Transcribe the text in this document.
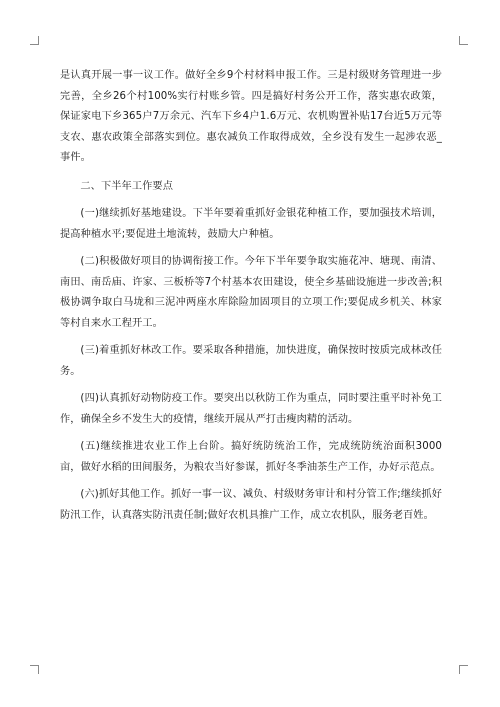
是认真开展一事一议工作。做好全乡9个村材料申报工作。三是村级财务管理进一步完善，全乡26个村100%实行村账乡管。四是搞好村务公开工作，落实惠农政策，保证家电下乡365户7万余元、汽车下乡4户1.6万元、农机购置补贴17台近5万元等支农、惠农政策全部落实到位。惠农减负工作取得成效，全乡没有发生一起涉农恶_事件。

二、下半年工作要点

(一)继续抓好基地建设。下半年要着重抓好金银花种植工作，要加强技术培训，提高种植水平;要促进土地流转，鼓励大户种植。

(二)积极做好项目的协调衔接工作。今年下半年要争取实施花冲、塘现、南清、南田、南岳庙、许家、三板桥等7个村基本农田建设，使全乡基础设施进一步改善;积极协调争取白马垅和三泥冲两座水库除险加固项目的立项工作;要促成乡机关、林家等村自来水工程开工。

(三)着重抓好林改工作。要采取各种措施，加快进度，确保按时按质完成林改任务。

(四)认真抓好动物防疫工作。要突出以秋防工作为重点，同时要注重平时补免工作，确保全乡不发生大的疫情，继续开展从严打击瘦肉精的活动。

(五)继续推进农业工作上台阶。搞好统防统治工作，完成统防统治面积3000亩，做好水稻的田间服务，为粮农当好参谋，抓好冬季油茶生产工作，办好示范点。

(六)抓好其他工作。抓好一事一议、减负、村级财务审计和村分管工作;继续抓好防汛工作，认真落实防汛责任制;做好农机具推广工作，成立农机队，服务老百姓。
